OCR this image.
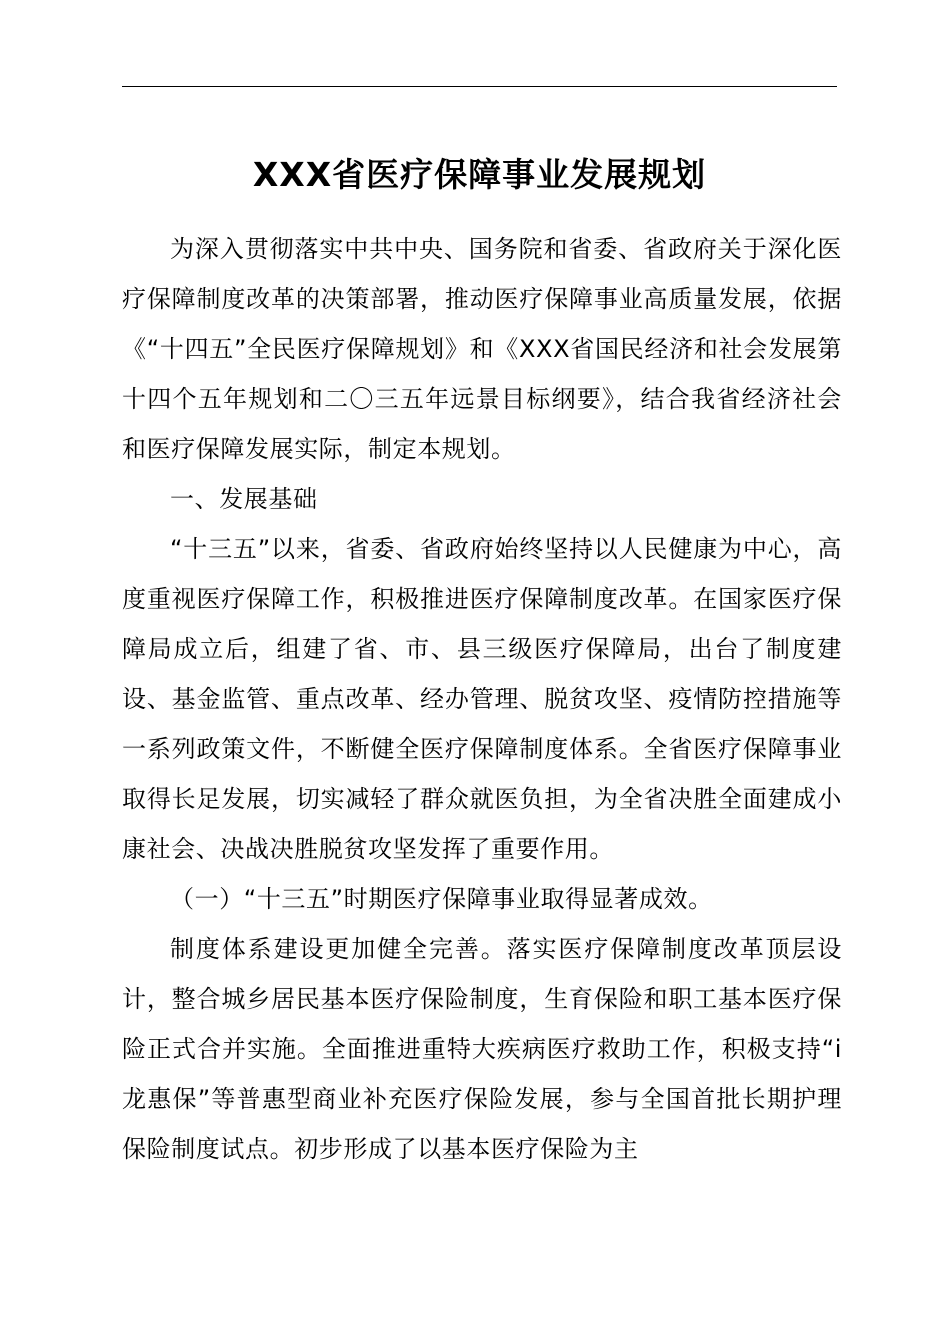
XXX省医疗保障事业发展规划

为深入贯彻落实中共中央、国务院和省委、省政府关于深化医疗保障制度改革的决策部署，推动医疗保障事业高质量发展，依据《“十四五”全民医疗保障规划》和《XXX省国民经济和社会发展第十四个五年规划和二〇三五年远景目标纲要》，结合我省经济社会和医疗保障发展实际，制定本规划。

一、发展基础

“十三五”以来，省委、省政府始终坚持以人民健康为中心，高度重视医疗保障工作，积极推进医疗保障制度改革。在国家医疗保障局成立后，组建了省、市、县三级医疗保障局，出台了制度建设、基金监管、重点改革、经办管理、脱贫攻坚、疫情防控措施等一系列政策文件，不断健全医疗保障制度体系。全省医疗保障事业取得长足发展，切实减轻了群众就医负担，为全省决胜全面建成小康社会、决战决胜脱贫攻坚发挥了重要作用。

（一）“十三五”时期医疗保障事业取得显著成效。

制度体系建设更加健全完善。落实医疗保障制度改革顶层设计，整合城乡居民基本医疗保险制度，生育保险和职工基本医疗保险正式合并实施。全面推进重特大疾病医疗救助工作，积极支持“i龙惠保”等普惠型商业补充医疗保险发展，参与全国首批长期护理保险制度试点。初步形成了以基本医疗保险为主
